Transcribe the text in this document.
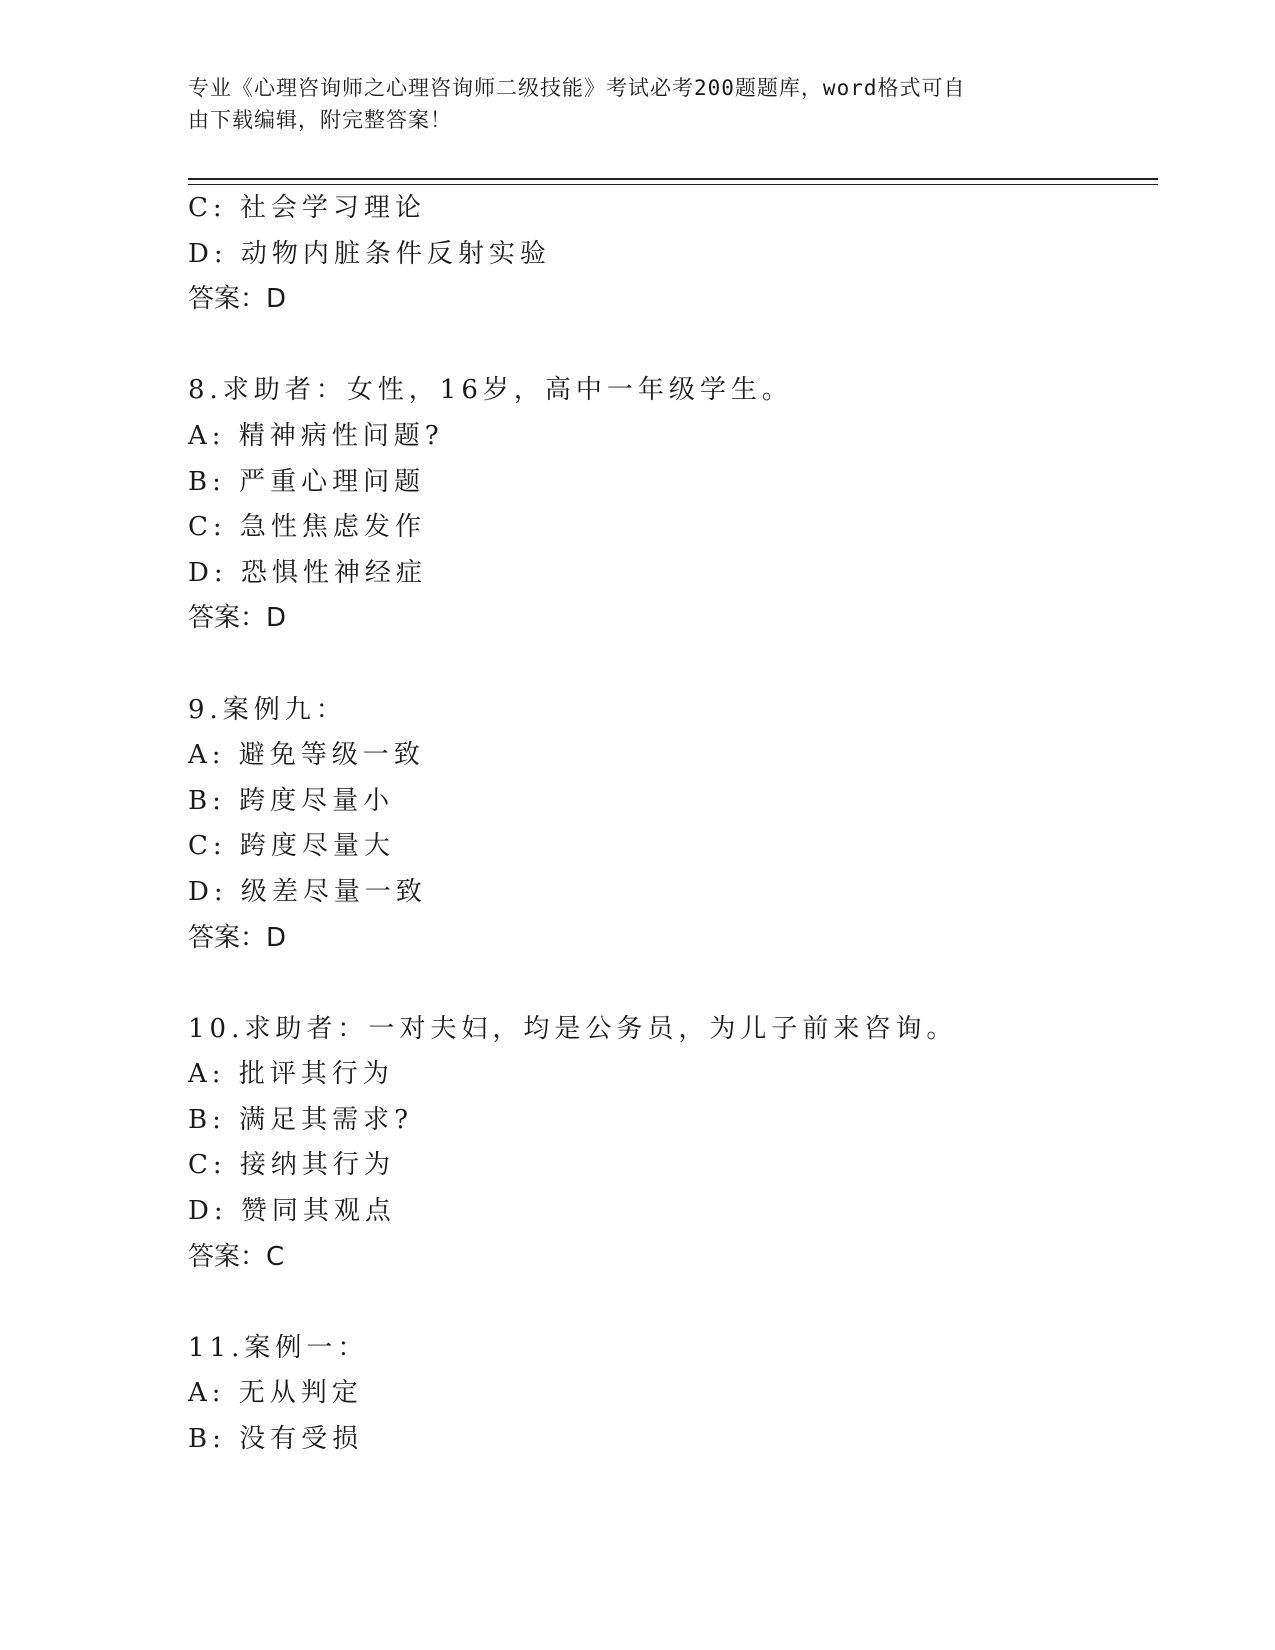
专业《心理咨询师之心理咨询师二级技能》考试必考200题题库，word格式可自
由下载编辑，附完整答案！
C: 社会学习理论
D: 动物内脏条件反射实验
答案：D
8.求助者：女性，16岁，高中一年级学生。
A: 精神病性问题?
B: 严重心理问题
C: 急性焦虑发作
D: 恐惧性神经症
答案：D
9.案例九：
A: 避免等级一致
B: 跨度尽量小
C: 跨度尽量大
D: 级差尽量一致
答案：D
10.求助者：一对夫妇，均是公务员，为儿子前来咨询。
A: 批评其行为
B: 满足其需求?
C: 接纳其行为
D: 赞同其观点
答案：C
11.案例一：
A: 无从判定
B: 没有受损
